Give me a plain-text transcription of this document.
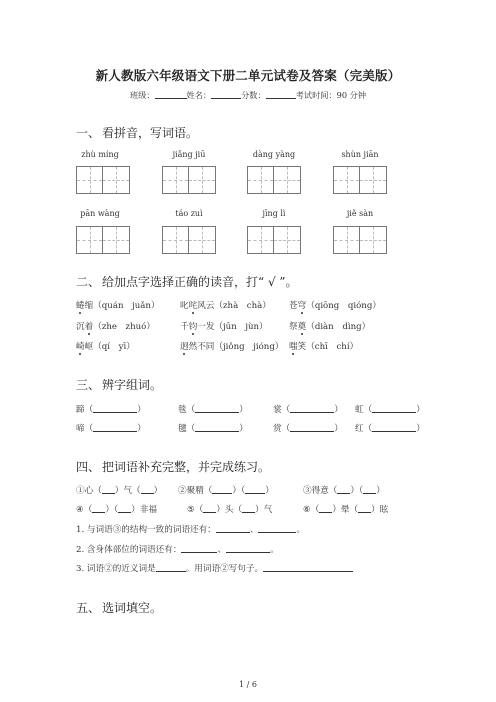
新人教版六年级语文下册二单元试卷及答案（完美版）
班级：	姓名：	分数：	考试时间：90 分钟
一、 看拼音，写词语。
zhù míng	jiǎng jiū	dàng yàng	shùn jiān
pān wàng	táo zuì	jīng lì	jiě sàn
二、 给加点字选择正确的读音，打“ √ ”。
蜷缩（quán　juǎn） 叱咤风云（zhà　chà） 苍穹（qiōng　qióng）
沉着（zhe　zhuó）	千钧一发（jūn　jùn） 祭奠（diàn　dìng）
崎岖（qí　yī）	迥然不同（jiǒng　jióng） 嗤笑（chī　chí）
三、 辨字组词。
蹄（	）	毯（	）	裳（	） 虹（	）
啼（	）	毽（	）	赏（	） 红（	）
四、 把词语补充完整，并完成练习。
①心（ ）气（ ） ②聚精（ ）（ ）	③得意（ ）（ ）
④（ ）（ ）非福	⑤（ ）头（ ）气	⑥（ ）晕（ ）眩
1. 与词语③的结构一致的词语还有：	、	。
2. 含身体部位的词语还有：	、	。
3. 词语②的近义词是	。用词语②写句子。
五、 选词填空。
1 / 6
